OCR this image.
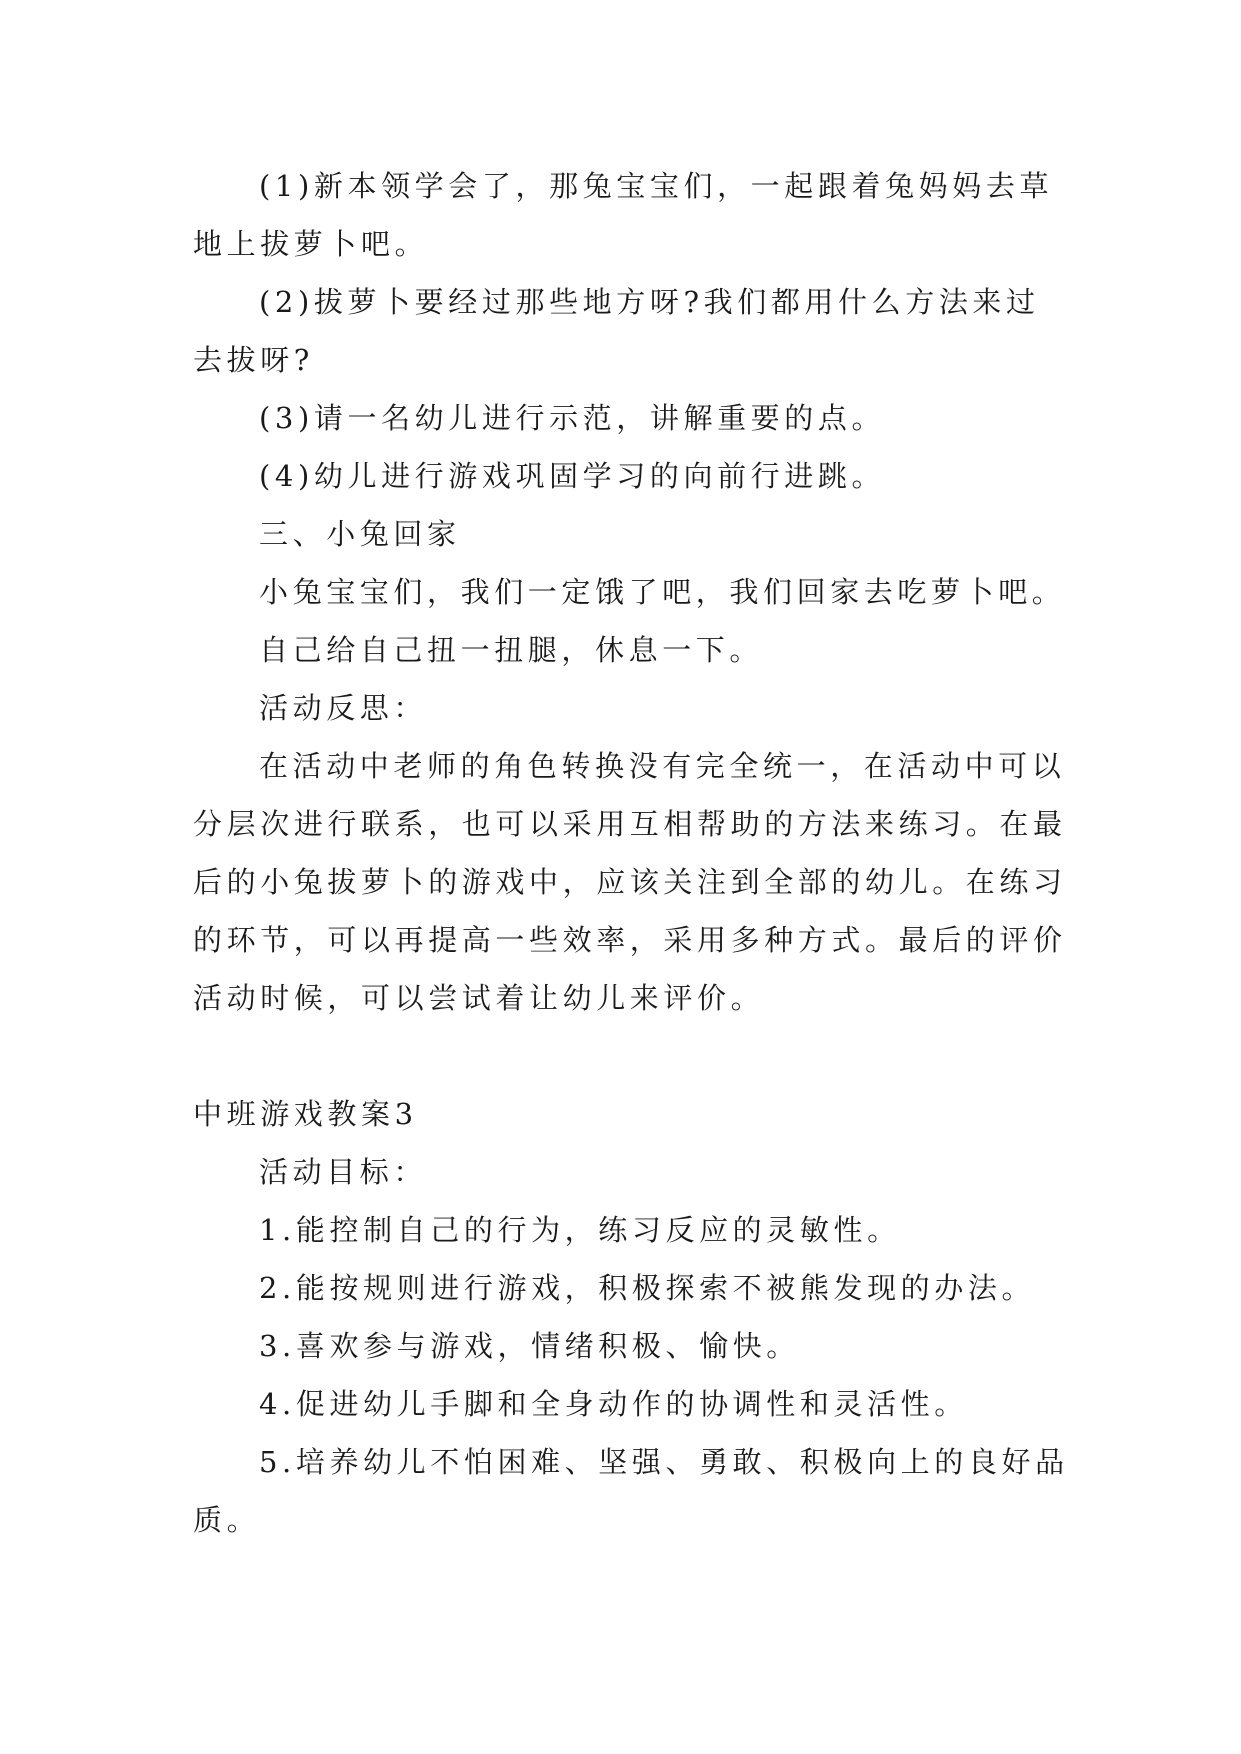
(1)新本领学会了，那兔宝宝们，一起跟着兔妈妈去草地上拔萝卜吧。

(2)拔萝卜要经过那些地方呀?我们都用什么方法来过去拔呀?

(3)请一名幼儿进行示范，讲解重要的点。

(4)幼儿进行游戏巩固学习的向前行进跳。

三、小兔回家

小兔宝宝们，我们一定饿了吧，我们回家去吃萝卜吧。

自己给自己扭一扭腿，休息一下。

活动反思：

在活动中老师的角色转换没有完全统一，在活动中可以分层次进行联系，也可以采用互相帮助的方法来练习。在最后的小兔拔萝卜的游戏中，应该关注到全部的幼儿。在练习的环节，可以再提高一些效率，采用多种方式。最后的评价活动时候，可以尝试着让幼儿来评价。

中班游戏教案3

活动目标：

1.能控制自己的行为，练习反应的灵敏性。

2.能按规则进行游戏，积极探索不被熊发现的办法。

3.喜欢参与游戏，情绪积极、愉快。

4.促进幼儿手脚和全身动作的协调性和灵活性。

5.培养幼儿不怕困难、坚强、勇敢、积极向上的良好品质。
